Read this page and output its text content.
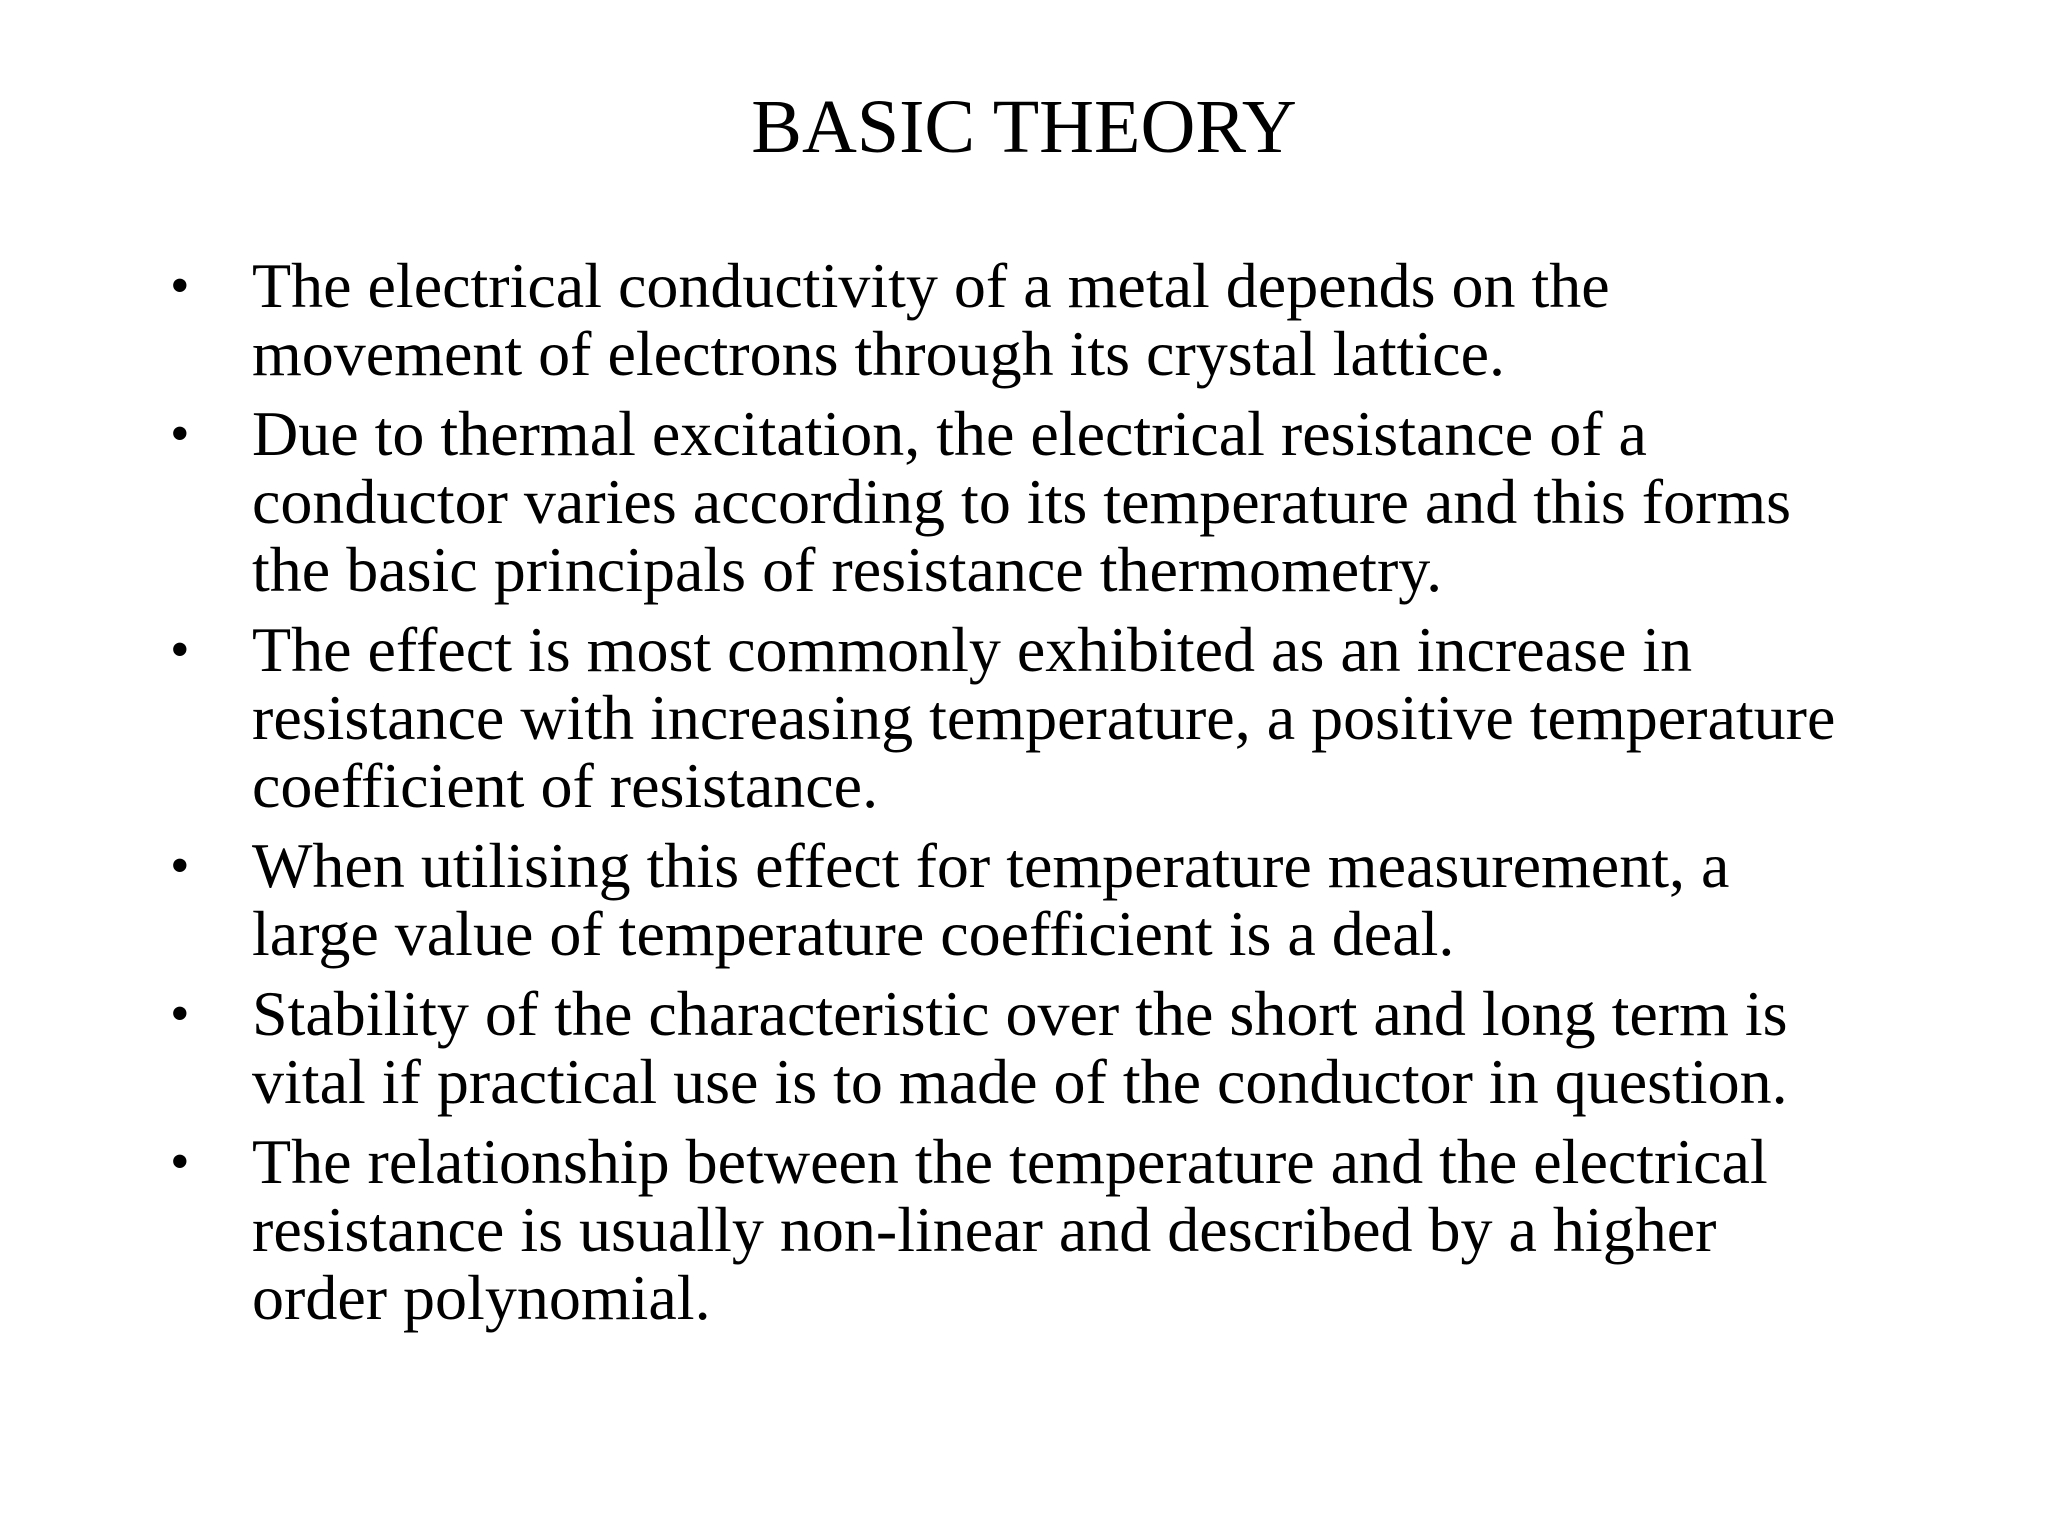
BASIC THEORY
• The electrical conductivity of a metal depends on the
movement of electrons through its crystal lattice.
• Due to thermal excitation, the electrical resistance of a
conductor varies according to its temperature and this forms
the basic principals of resistance thermometry.
• The effect is most commonly exhibited as an increase in
resistance with increasing temperature, a positive temperature
coefficient of resistance.
• When utilising this effect for temperature measurement, a
large value of temperature coefficient is a deal.
• Stability of the characteristic over the short and long term is
vital if practical use is to made of the conductor in question.
• The relationship between the temperature and the electrical
resistance is usually non-linear and described by a higher
order polynomial.
